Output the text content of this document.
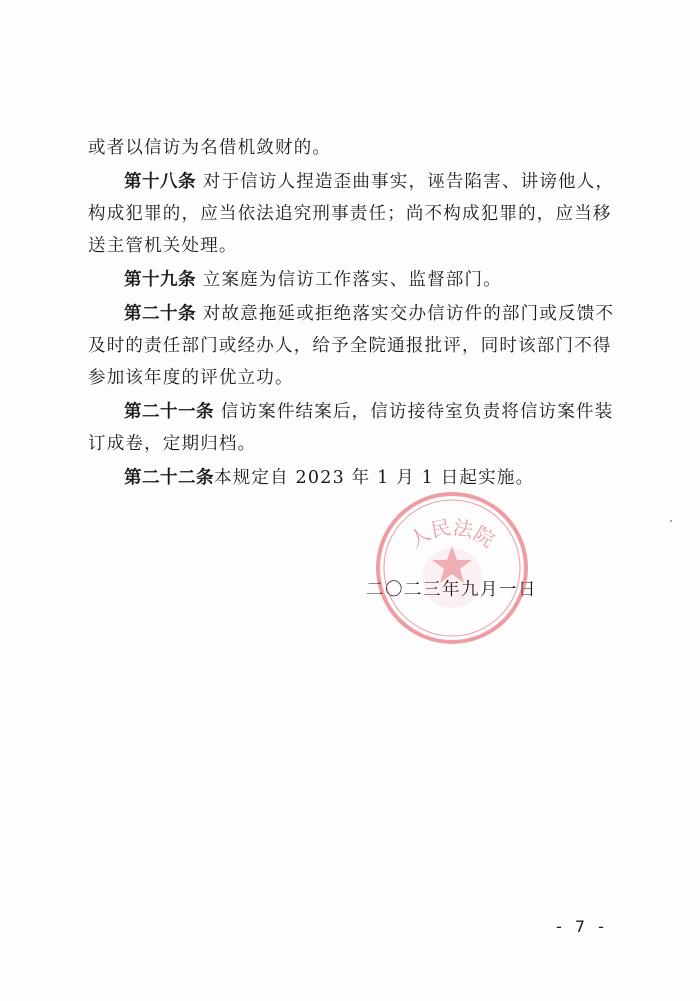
或者以信访为名借机敛财的。

第十八条 对于信访人捏造歪曲事实，诬告陷害、讲谤他人，构成犯罪的，应当依法追究刑事责任；尚不构成犯罪的，应当移送主管机关处理。

第十九条 立案庭为信访工作落实、监督部门。

第二十条 对故意拖延或拒绝落实交办信访件的部门或反馈不及时的责任部门或经办人，给予全院通报批评，同时该部门不得参加该年度的评优立功。

第二十一条 信访案件结案后，信访接待室负责将信访案件装订成卷，定期归档。

第二十二条本规定自 2023 年 1 月 1 日起实施。

人民法院
二〇二三年九月一日
- 7 -
